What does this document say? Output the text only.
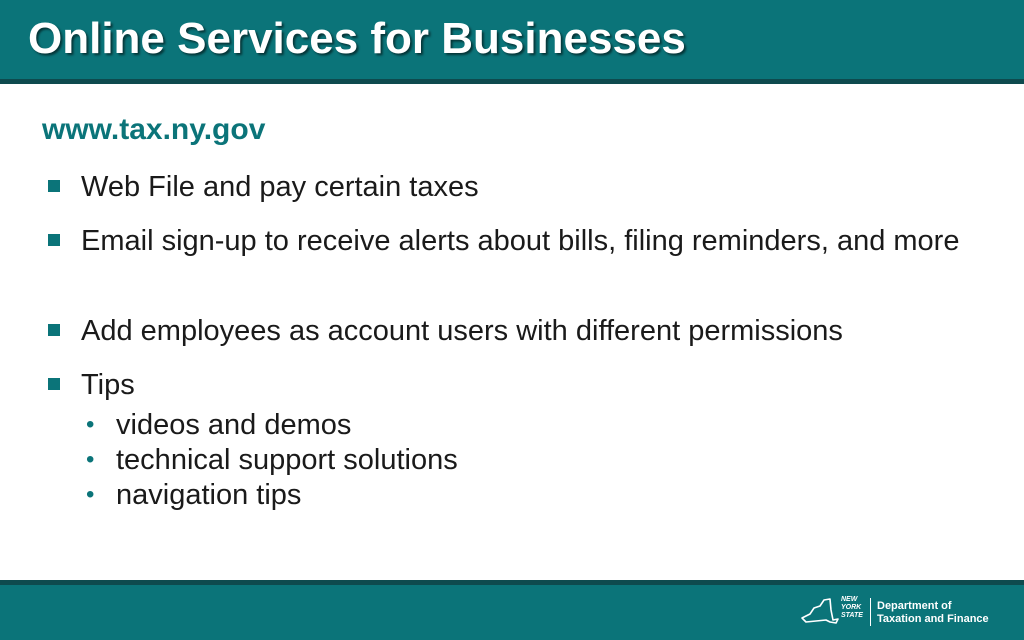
Online Services for Businesses
www.tax.ny.gov
Web File and pay certain taxes
Email sign-up to receive alerts about bills, filing reminders, and more
Add employees as account users with different permissions
Tips
• videos and demos
• technical support solutions
• navigation tips
NEW
YORK
STATE
Department of
Taxation and Finance
